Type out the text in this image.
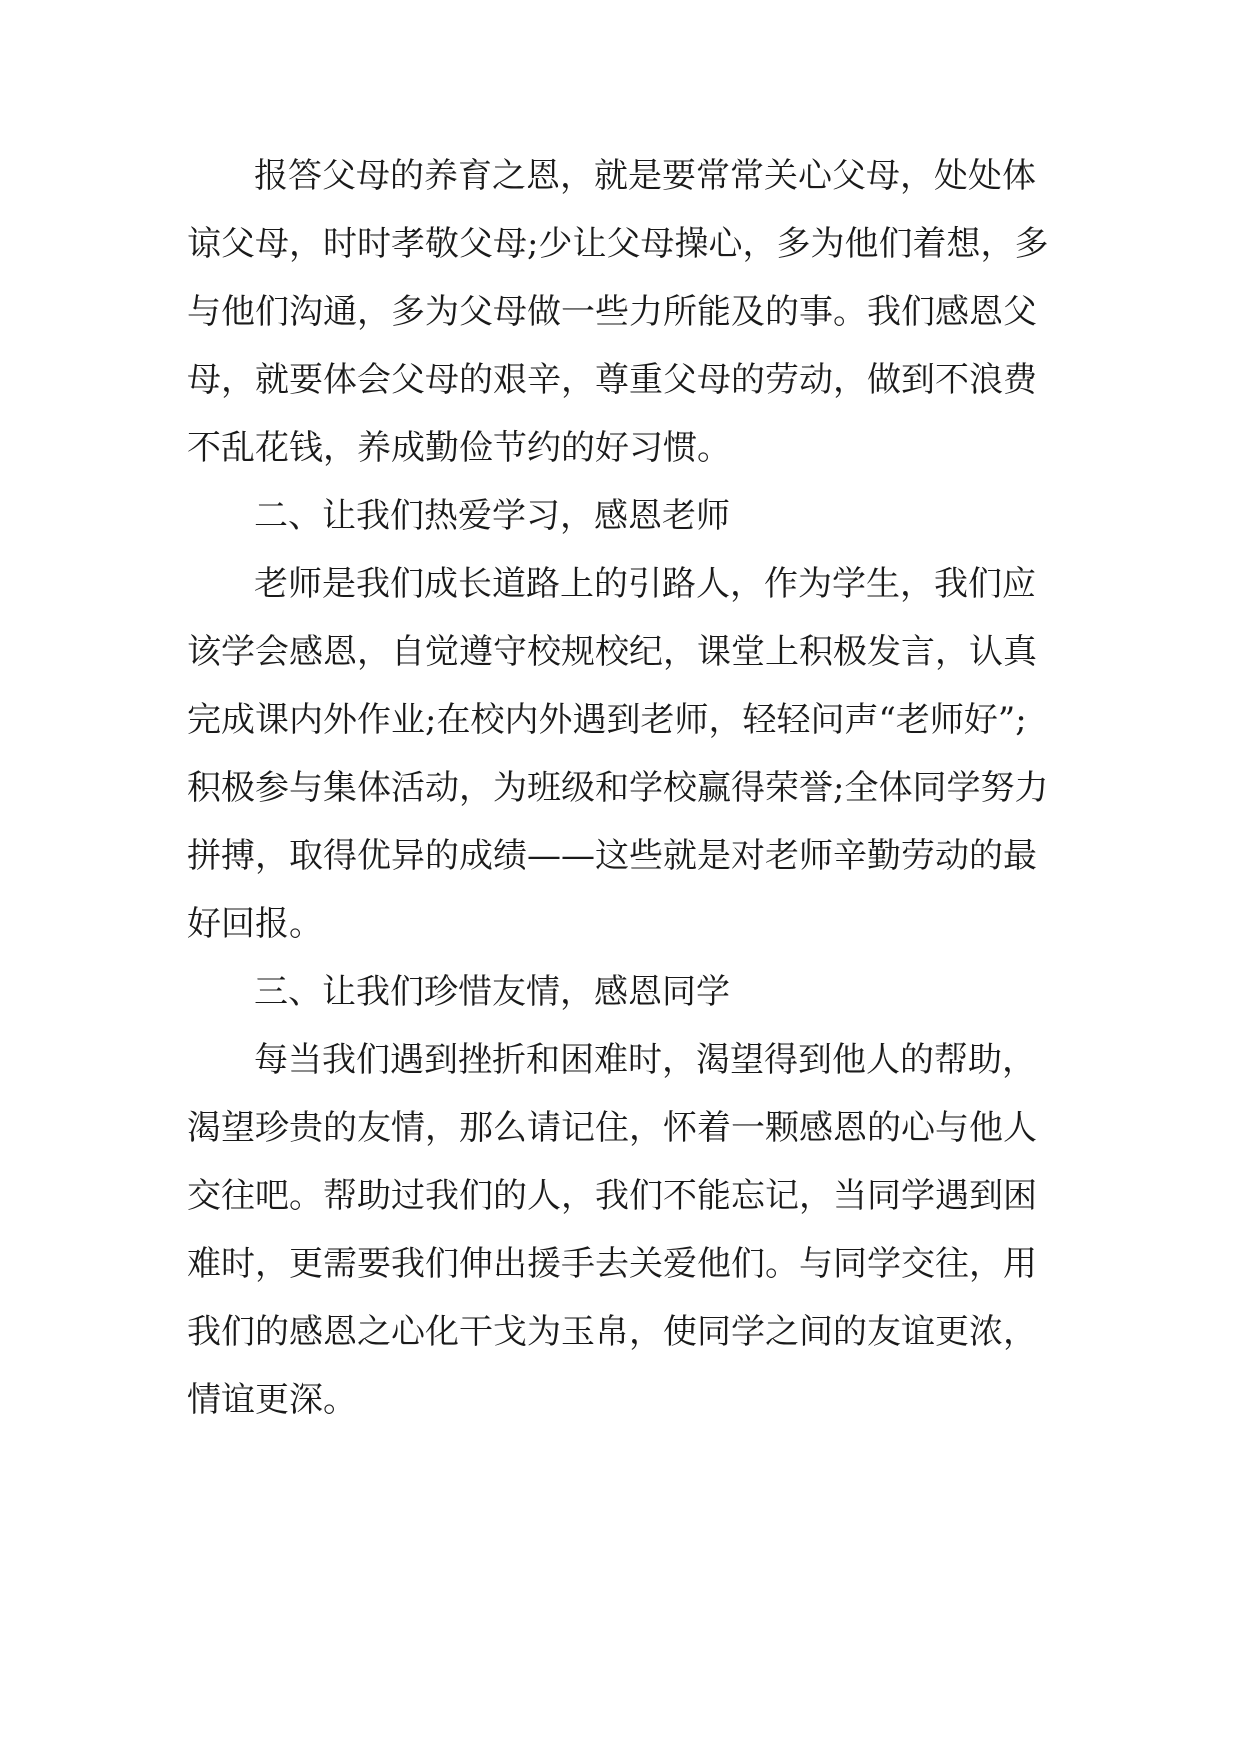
报答父母的养育之恩，就是要常常关心父母，处处体

谅父母，时时孝敬父母;少让父母操心，多为他们着想，多

与他们沟通，多为父母做一些力所能及的事。我们感恩父

母，就要体会父母的艰辛，尊重父母的劳动，做到不浪费

不乱花钱，养成勤俭节约的好习惯。

二、让我们热爱学习，感恩老师

老师是我们成长道路上的引路人，作为学生，我们应

该学会感恩，自觉遵守校规校纪，课堂上积极发言，认真

完成课内外作业;在校内外遇到老师，轻轻问声“老师好”;

积极参与集体活动，为班级和学校赢得荣誉;全体同学努力

拼搏，取得优异的成绩——这些就是对老师辛勤劳动的最

好回报。

三、让我们珍惜友情，感恩同学

每当我们遇到挫折和困难时，渴望得到他人的帮助，

渴望珍贵的友情，那么请记住，怀着一颗感恩的心与他人

交往吧。帮助过我们的人，我们不能忘记，当同学遇到困

难时，更需要我们伸出援手去关爱他们。与同学交往，用

我们的感恩之心化干戈为玉帛，使同学之间的友谊更浓，

情谊更深。
